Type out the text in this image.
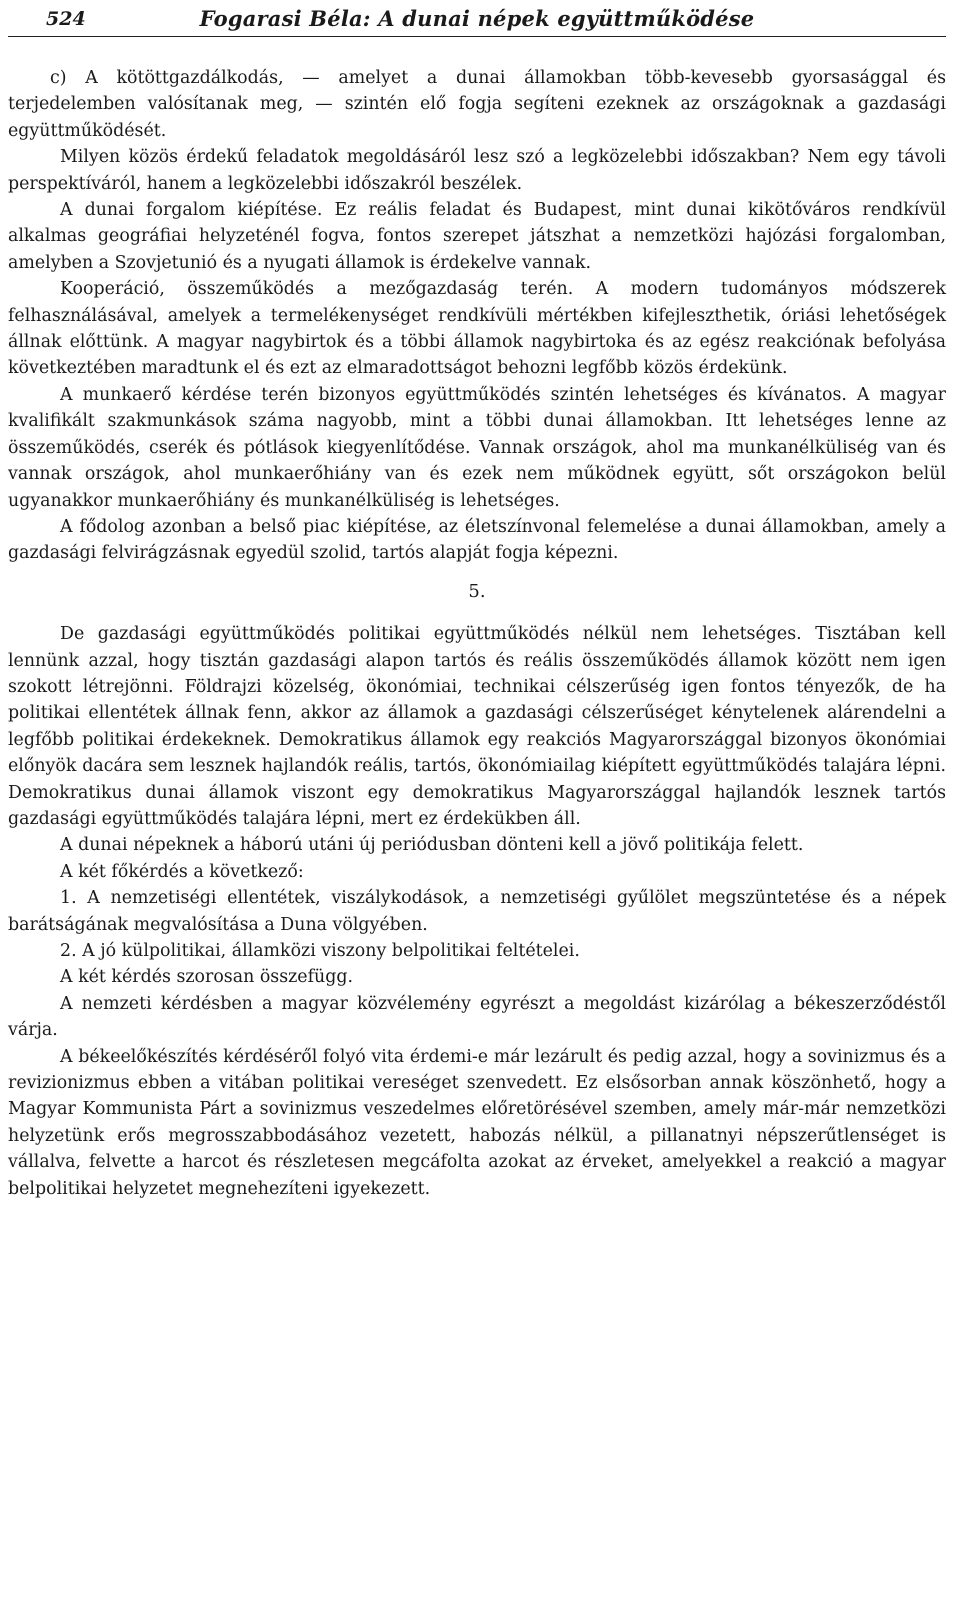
524	Fogarasi Béla: A dunai népek együttműködése

c) A kötöttgazdálkodás, — amelyet a dunai államokban több-kevesebb gyorsasággal és terjedelemben valósítanak meg, — szintén elő fogja segíteni ezeknek az országoknak a gazdasági együttműködését.

Milyen közös érdekű feladatok megoldásáról lesz szó a legközelebbi időszakban? Nem egy távoli perspektíváról, hanem a legközelebbi időszakról beszélek.

A dunai forgalom kiépítése. Ez reális feladat és Budapest, mint dunai kikötőváros rendkívül alkalmas geográfiai helyzeténél fogva, fontos szerepet játszhat a nemzetközi hajózási forgalomban, amelyben a Szovjetunió és a nyugati államok is érdekelve vannak.

Kooperáció, összeműködés a mezőgazdaság terén. A modern tudományos módszerek felhasználásával, amelyek a termelékenységet rendkívüli mértékben kifejleszthetik, óriási lehetőségek állnak előttünk. A magyar nagybirtok és a többi államok nagybirtoka és az egész reakciónak befolyása következtében maradtunk el és ezt az elmaradottságot behozni legfőbb közös érdekünk.

A munkaerő kérdése terén bizonyos együttműködés szintén lehetséges és kívánatos. A magyar kvalifikált szakmunkások száma nagyobb, mint a többi dunai államokban. Itt lehetséges lenne az összeműködés, cserék és pótlások kiegyenlítődése. Vannak országok, ahol ma munkanélküliség van és vannak országok, ahol munkaerőhiány van és ezek nem működnek együtt, sőt országokon belül ugyanakkor munkaerőhiány és munkanélküliség is lehetséges.

A fődolog azonban a belső piac kiépítése, az életszínvonal felemelése a dunai államokban, amely a gazdasági felvirágzásnak egyedül szolid, tartós alapját fogja képezni.

5.

De gazdasági együttműködés politikai együttműködés nélkül nem lehetséges. Tisztában kell lennünk azzal, hogy tisztán gazdasági alapon tartós és reális összeműködés államok között nem igen szokott létrejönni. Földrajzi közelség, ökonómiai, technikai célszerűség igen fontos tényezők, de ha politikai ellentétek állnak fenn, akkor az államok a gazdasági célszerűséget kénytelenek alárendelni a legfőbb politikai érdekeknek. Demokratikus államok egy reakciós Magyarországgal bizonyos ökonómiai előnyök dacára sem lesznek hajlandók reális, tartós, ökonómiailag kiépített együttműködés talajára lépni. Demokratikus dunai államok viszont egy demokratikus Magyarországgal hajlandók lesznek tartós gazdasági együttműködés talajára lépni, mert ez érdekükben áll.

A dunai népeknek a háború utáni új periódusban dönteni kell a jövő politikája felett.

A két főkérdés a következő:

1. A nemzetiségi ellentétek, viszálykodások, a nemzetiségi gyűlölet megszüntetése és a népek barátságának megvalósítása a Duna völgyében.

2. A jó külpolitikai, államközi viszony belpolitikai feltételei.

A két kérdés szorosan összefügg.

A nemzeti kérdésben a magyar közvélemény egyrészt a megoldást kizárólag a békeszerződéstől várja.

A békeelőkészítés kérdéséről folyó vita érdemi-e már lezárult és pedig azzal, hogy a sovinizmus és a revizionizmus ebben a vitában politikai vereséget szenvedett. Ez elsősorban annak köszönhető, hogy a Magyar Kommunista Párt a sovinizmus veszedelmes előretörésével szemben, amely már-már nemzetközi helyzetünk erős megrosszabbodásához vezetett, habozás nélkül, a pillanatnyi népszerűtlenséget is vállalva, felvette a harcot és részletesen megcáfolta azokat az érveket, amelyekkel a reakció a magyar belpolitikai helyzetet megnehezíteni igyekezett.
